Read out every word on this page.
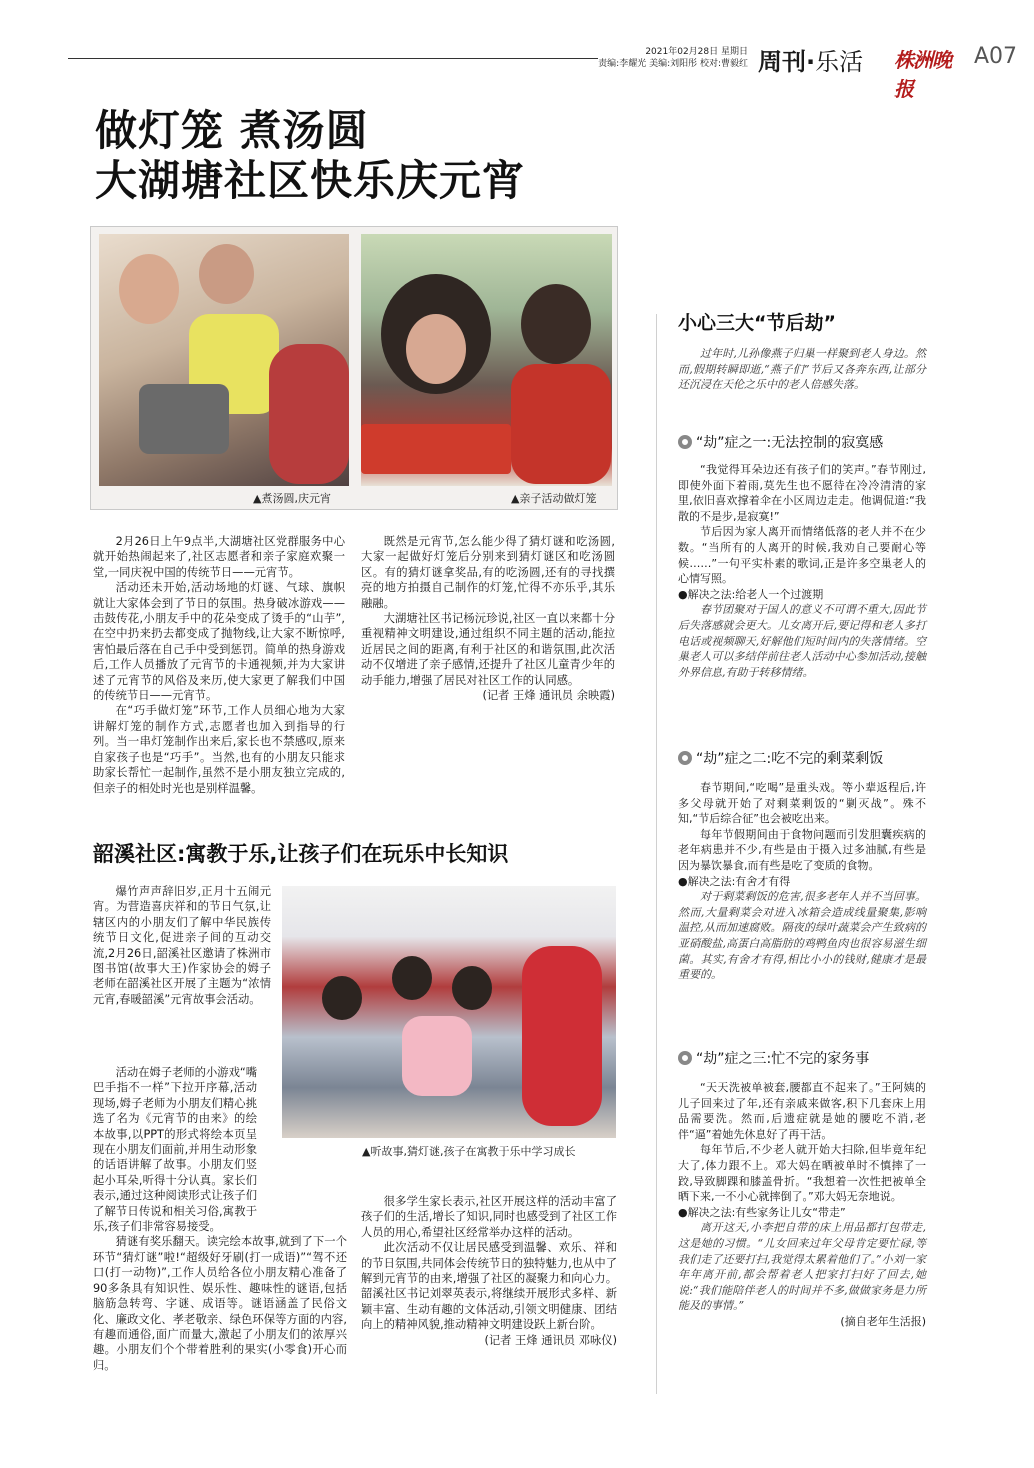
2021年02月28日 星期日
责编:李耀光 美编:刘阳彤 校对:曹毅红 周刊·乐活 株洲晚报
A07
做灯笼 煮汤圆
大湖塘社区快乐庆元宵
▲煮汤圆,庆元宵	▲亲子活动做灯笼

2月26日上午9点半,大湖塘社区党群服务中心就开始热闹起来了,社区志愿者和亲子家庭欢聚一堂,一同庆祝中国的传统节日——元宵节。

活动还未开始,活动场地的灯谜、气球、旗帜就让大家体会到了节日的氛围。热身破冰游戏——击鼓传花,小朋友手中的花朵变成了烫手的“山芋”,在空中扔来扔去都变成了抛物线,让大家不断惊呼,害怕最后落在自己手中受到惩罚。简单的热身游戏后,工作人员播放了元宵节的卡通视频,并为大家讲述了元宵节的风俗及来历,使大家更了解我们中国的传统节日——元宵节。

在“巧手做灯笼”环节,工作人员细心地为大家讲解灯笼的制作方式,志愿者也加入到指导的行列。当一串灯笼制作出来后,家长也不禁感叹,原来自家孩子也是“巧手”。当然,也有的小朋友只能求助家长帮忙一起制作,虽然不是小朋友独立完成的,但亲子的相处时光也是别样温馨。

既然是元宵节,怎么能少得了猜灯谜和吃汤圆,大家一起做好灯笼后分别来到猜灯谜区和吃汤圆区。有的猜灯谜拿奖品,有的吃汤圆,还有的寻找撰亮的地方拍摄自己制作的灯笼,忙得不亦乐乎,其乐融融。

大湖塘社区书记杨沅珍说,社区一直以来都十分重视精神文明建设,通过组织不同主题的活动,能拉近居民之间的距离,有利于社区的和谐氛围,此次活动不仅增进了亲子感情,还提升了社区儿童青少年的动手能力,增强了居民对社区工作的认同感。

(记者 王烽 通讯员 余映霞)

韶溪社区:寓教于乐,让孩子们在玩乐中长知识
▲听故事,猜灯谜,孩子在寓教于乐中学习成长

爆竹声声辞旧岁,正月十五闹元宵。为营造喜庆祥和的节日气氛,让辖区内的小朋友们了解中华民族传统节日文化,促进亲子间的互动交流,2月26日,韶溪社区邀请了株洲市图书馆(故事大王)作家协会的姆子老师在韶溪社区开展了主题为“浓情元宵,春暖韶溪”元宵故事会活动。

活动在姆子老师的小游戏“嘴巴手指不一样”下拉开序幕,活动现场,姆子老师为小朋友们精心挑选了名为《元宵节的由来》的绘本故事,以PPT的形式将绘本页呈现在小朋友们面前,并用生动形象的话语讲解了故事。小朋友们竖起小耳朵,听得十分认真。家长们表示,通过这种阅读形式让孩子们了解节日传说和相关习俗,寓教于乐,孩子们非常容易接受。

猜谜有奖乐翻天。读完绘本故事,就到了下一个环节“猜灯谜”啦!“超级好牙刷(打一成语)”“驾不还口(打一动物)”,工作人员给各位小朋友精心准备了90多条具有知识性、娱乐性、趣味性的谜语,包括脑筋急转弯、字谜、成语等。谜语涵盖了民俗文化、廉政文化、孝老敬亲、绿色环保等方面的内容,有趣而通俗,面广而量大,激起了小朋友们的浓厚兴趣。小朋友们个个带着胜利的果实(小零食)开心而归。

很多学生家长表示,社区开展这样的活动丰富了孩子们的生活,增长了知识,同时也感受到了社区工作人员的用心,希望社区经常举办这样的活动。

此次活动不仅让居民感受到温馨、欢乐、祥和的节日氛围,共同体会传统节日的独特魅力,也从中了解到元宵节的由来,增强了社区的凝聚力和向心力。韶溪社区书记刘翠英表示,将继续开展形式多样、新颖丰富、生动有趣的文体活动,引领文明健康、团结向上的精神风貌,推动精神文明建设跃上新台阶。

(记者 王烽 通讯员 邓咏仪)

小心三大“节后劫”

过年时,儿孙像燕子归巢一样聚到老人身边。然而,假期转瞬即逝,“燕子们”节后又各奔东西,让部分还沉浸在天伦之乐中的老人倍感失落。

“劫”症之一:无法控制的寂寞感

“我觉得耳朵边还有孩子们的笑声。”春节刚过,即使外面下着雨,莫先生也不愿待在冷冷清清的家里,依旧喜欢撑着伞在小区周边走走。他调侃道:“我散的不是步,是寂寞!”

节后因为家人离开而情绪低落的老人并不在少数。“当所有的人离开的时候,我劝自己要耐心等候……”一句平实朴素的歌词,正是许多空巢老人的心情写照。

●解决之法:给老人一个过渡期

春节团聚对于国人的意义不可谓不重大,因此节后失落感就会更大。儿女离开后,要记得和老人多打电话或视频聊天,好解他们短时间内的失落情绪。空巢老人可以多结伴前往老人活动中心参加活动,接触外界信息,有助于转移情绪。

“劫”症之二:吃不完的剩菜剩饭

春节期间,“吃喝”是重头戏。等小辈返程后,许多父母就开始了对剩菜剩饭的“剿灭战”。殊不知,“节后综合征”也会被吃出来。

每年节假期间由于食物问题而引发胆囊疾病的老年病患并不少,有些是由于摄入过多油腻,有些是因为暴饮暴食,而有些是吃了变质的食物。

●解决之法:有舍才有得

对于剩菜剩饭的危害,很多老年人并不当回事。然而,大量剩菜会对进入冰箱会造成线量聚集,影响温控,从而加速腐败。隔夜的绿叶蔬菜会产生致病的亚硝酸盐,高蛋白高脂肪的鸡鸭鱼肉也很容易滋生细菌。其实,有舍才有得,相比小小的钱财,健康才是最重要的。

“劫”症之三:忙不完的家务事

“天天洗被单被套,腰都直不起来了。”王阿姨的儿子回来过了年,还有亲戚来做客,积下几套床上用品需要洗。然而,后遗症就是她的腰吃不消,老伴“逼”着她先休息好了再干活。

每年节后,不少老人就开始大扫除,但毕竟年纪大了,体力跟不上。邓大妈在晒被单时不慎摔了一跤,导致脚踝和膝盖骨折。“我想着一次性把被单全晒下来,一不小心就摔倒了。”邓大妈无奈地说。

●解决之法:有些家务让儿女“带走”

离开这天,小李把自带的床上用品都打包带走,这是她的习惯。“儿女回来过年父母肯定要忙碌,等我们走了还要打扫,我觉得太累着他们了。”小刘一家年年离开前,都会帮着老人把家打扫好了回去,她说:“我们能陪伴老人的时间并不多,做做家务是力所能及的事情。”

(摘自老年生活报)
